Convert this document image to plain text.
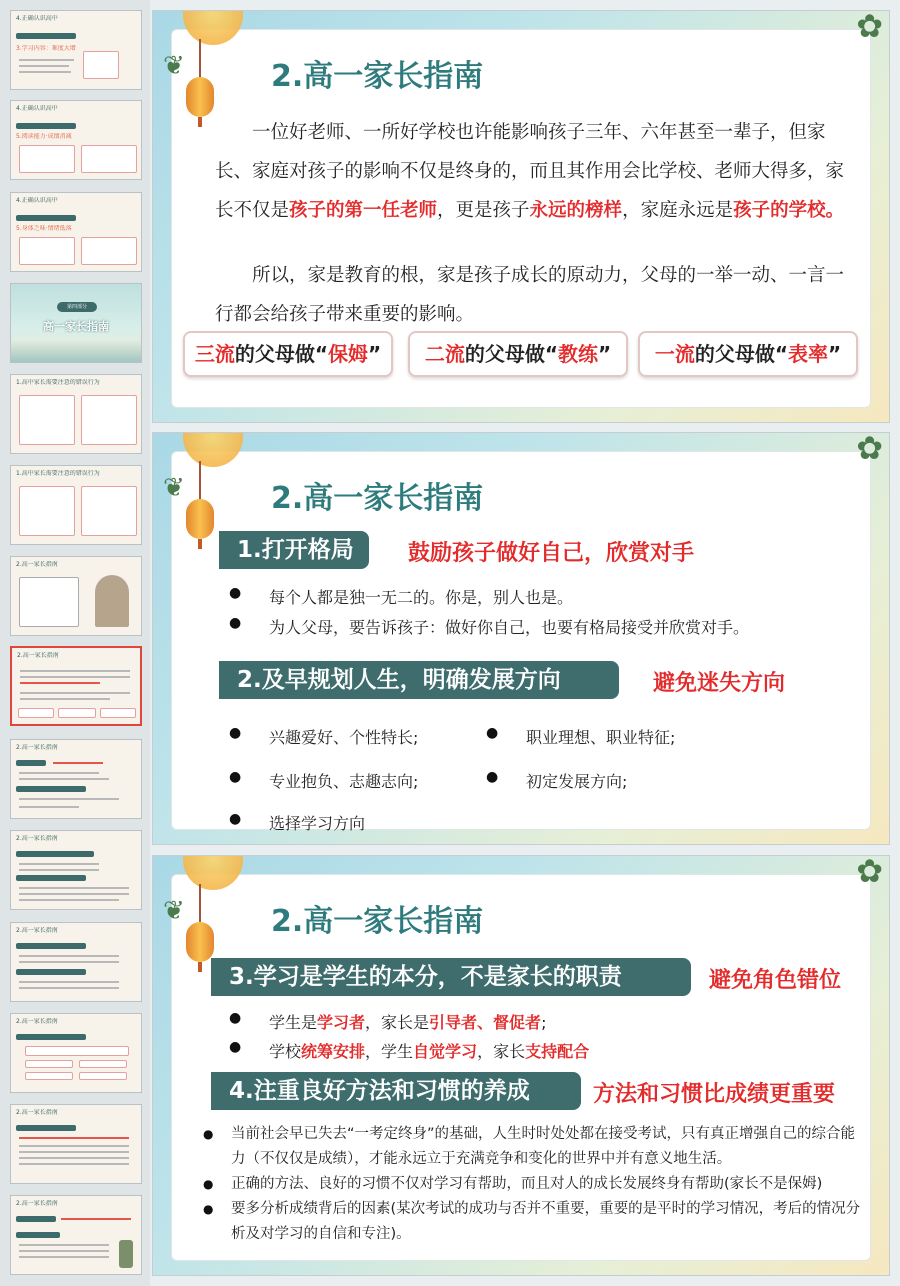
4.正确认识高中
3.学习内容：难度大增
4.正确认识高中
5.阅读能力·成绩消减
4.正确认识高中
5.身体乏味·情绪低落
第四部分
高一家长指南
1.高中家长需要注意的错误行为
1.高中家长需要注意的错误行为
2.高一家长指南
2.高一家长指南
2.高一家长指南
2.高一家长指南
2.高一家长指南
2.高一家长指南
2.高一家长指南
2.高一家长指南
❦
✿
2.高一家长指南
一位好老师、一所好学校也许能影响孩子三年、六年甚至一辈子，但家长、家庭对孩子的影响不仅是终身的，而且其作用会比学校、老师大得多，家长不仅是孩子的第一任老师，更是孩子永远的榜样，家庭永远是孩子的学校。
所以，家是教育的根，家是孩子成长的原动力，父母的一举一动、一言一行都会给孩子带来重要的影响。
三流的父母做“保姆”	二流的父母做“教练”	一流的父母做“表率”
❦
✿
2.高一家长指南
1.打开格局	鼓励孩子做好自己，欣赏对手
● 每个人都是独一无二的。你是，别人也是。
● 为人父母，要告诉孩子：做好你自己，也要有格局接受并欣赏对手。
2.及早规划人生，明确发展方向	避免迷失方向
● 兴趣爱好、个性特长;	● 职业理想、职业特征;
● 专业抱负、志趣志向;	● 初定发展方向;
● 选择学习方向
❦
✿
2.高一家长指南
3.学习是学生的本分，不是家长的职责	避免角色错位
● 学生是学习者，家长是引导者、督促者;
● 学校统筹安排，学生自觉学习，家长支持配合
4.注重良好方法和习惯的养成	方法和习惯比成绩更重要
● 当前社会早已失去“一考定终身”的基础，人生时时处处都在接受考试，只有真正增强自己的综合能力（不仅仅是成绩），才能永远立于充满竞争和变化的世界中并有意义地生活。
● 正确的方法、良好的习惯不仅对学习有帮助，而且对人的成长发展终身有帮助(家长不是保姆)
● 要多分析成绩背后的因素(某次考试的成功与否并不重要，重要的是平时的学习情况，考后的情况分析及对学习的自信和专注)。
